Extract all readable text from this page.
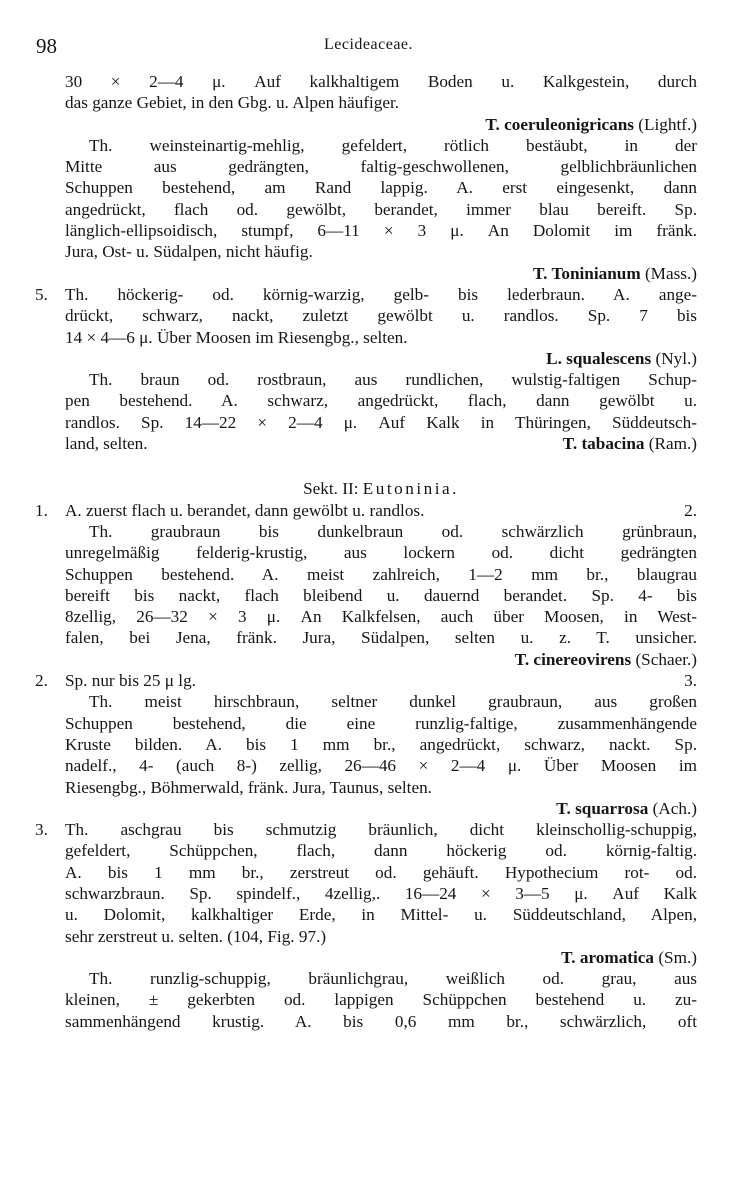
98	Lecideaceae.
30 × 2—4 μ. Auf kalkhaltigem Boden u. Kalkgestein, durch
das ganze Gebiet, in den Gbg. u. Alpen häufiger.
T. coeruleonigricans (Lightf.)
Th. weinsteinartig-mehlig, gefeldert, rötlich bestäubt, in der
Mitte aus gedrängten, faltig-geschwollenen, gelblichbräunlichen
Schuppen bestehend, am Rand lappig. A. erst eingesenkt, dann
angedrückt, flach od. gewölbt, berandet, immer blau bereift. Sp.
länglich-ellipsoidisch, stumpf, 6—11 × 3 μ. An Dolomit im fränk.
Jura, Ost- u. Südalpen, nicht häufig.
T. Toninianum (Mass.)
5. Th. höckerig- od. körnig-warzig, gelb- bis lederbraun. A. ange-
drückt, schwarz, nackt, zuletzt gewölbt u. randlos. Sp. 7 bis
14 × 4—6 μ. Über Moosen im Riesengbg., selten.
L. squalescens (Nyl.)
Th. braun od. rostbraun, aus rundlichen, wulstig-faltigen Schup-
pen bestehend. A. schwarz, angedrückt, flach, dann gewölbt u.
randlos. Sp. 14—22 × 2—4 μ. Auf Kalk in Thüringen, Süddeutsch-
land, selten.	T. tabacina (Ram.)
Sekt. II: Eutoninia.
1. A. zuerst flach u. berandet, dann gewölbt u. randlos.	2.
Th. graubraun bis dunkelbraun od. schwärzlich grünbraun,
unregelmäßig felderig-krustig, aus lockern od. dicht gedrängten
Schuppen bestehend. A. meist zahlreich, 1—2 mm br., blaugrau
bereift bis nackt, flach bleibend u. dauernd berandet. Sp. 4- bis
8zellig, 26—32 × 3 μ. An Kalkfelsen, auch über Moosen, in West-
falen, bei Jena, fränk. Jura, Südalpen, selten u. z. T. unsicher.
T. cinereovirens (Schaer.)
2. Sp. nur bis 25 μ lg.	3.
Th. meist hirschbraun, seltner dunkel graubraun, aus großen
Schuppen bestehend, die eine runzlig-faltige, zusammenhängende
Kruste bilden. A. bis 1 mm br., angedrückt, schwarz, nackt. Sp.
nadelf., 4- (auch 8-) zellig, 26—46 × 2—4 μ. Über Moosen im
Riesengbg., Böhmerwald, fränk. Jura, Taunus, selten.
T. squarrosa (Ach.)
3. Th. aschgrau bis schmutzig bräunlich, dicht kleinschollig-schuppig,
gefeldert, Schüppchen, flach, dann höckerig od. körnig-faltig.
A. bis 1 mm br., zerstreut od. gehäuft. Hypothecium rot- od.
schwarzbraun. Sp. spindelf., 4zellig,. 16—24 × 3—5 μ. Auf Kalk
u. Dolomit, kalkhaltiger Erde, in Mittel- u. Süddeutschland, Alpen,
sehr zerstreut u. selten. (104, Fig. 97.)
T. aromatica (Sm.)
Th. runzlig-schuppig, bräunlichgrau, weißlich od. grau, aus
kleinen, ± gekerbten od. lappigen Schüppchen bestehend u. zu-
sammenhängend krustig. A. bis 0,6 mm br., schwärzlich, oft
